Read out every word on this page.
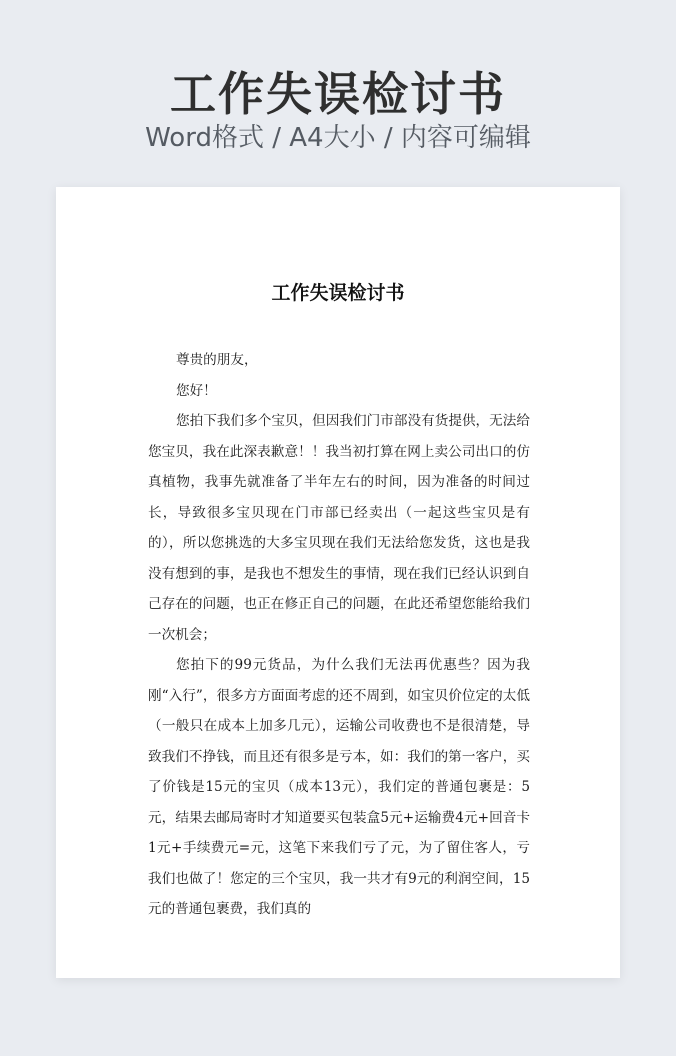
工作失误检讨书
Word格式 / A4大小 / 内容可编辑
工作失误检讨书

尊贵的朋友，

您好！

您拍下我们多个宝贝，但因我们门市部没有货提供，无法给您宝贝，我在此深表歉意！！我当初打算在网上卖公司出口的仿真植物，我事先就准备了半年左右的时间，因为准备的时间过长，导致很多宝贝现在门市部已经卖出（一起这些宝贝是有的），所以您挑选的大多宝贝现在我们无法给您发货，这也是我没有想到的事，是我也不想发生的事情，现在我们已经认识到自己存在的问题，也正在修正自己的问题，在此还希望您能给我们一次机会；

您拍下的99元货品，为什么我们无法再优惠些？因为我刚“入行”，很多方方面面考虑的还不周到，如宝贝价位定的太低（一般只在成本上加多几元），运输公司收费也不是很清楚，导致我们不挣钱，而且还有很多是亏本，如：我们的第一客户，买了价钱是15元的宝贝（成本13元），我们定的普通包裹是：5元，结果去邮局寄时才知道要买包装盒5元+运输费4元+回音卡1元+手续费元=元，这笔下来我们亏了元，为了留住客人，亏我们也做了！您定的三个宝贝，我一共才有9元的利润空间，15元的普通包裹费，我们真的
